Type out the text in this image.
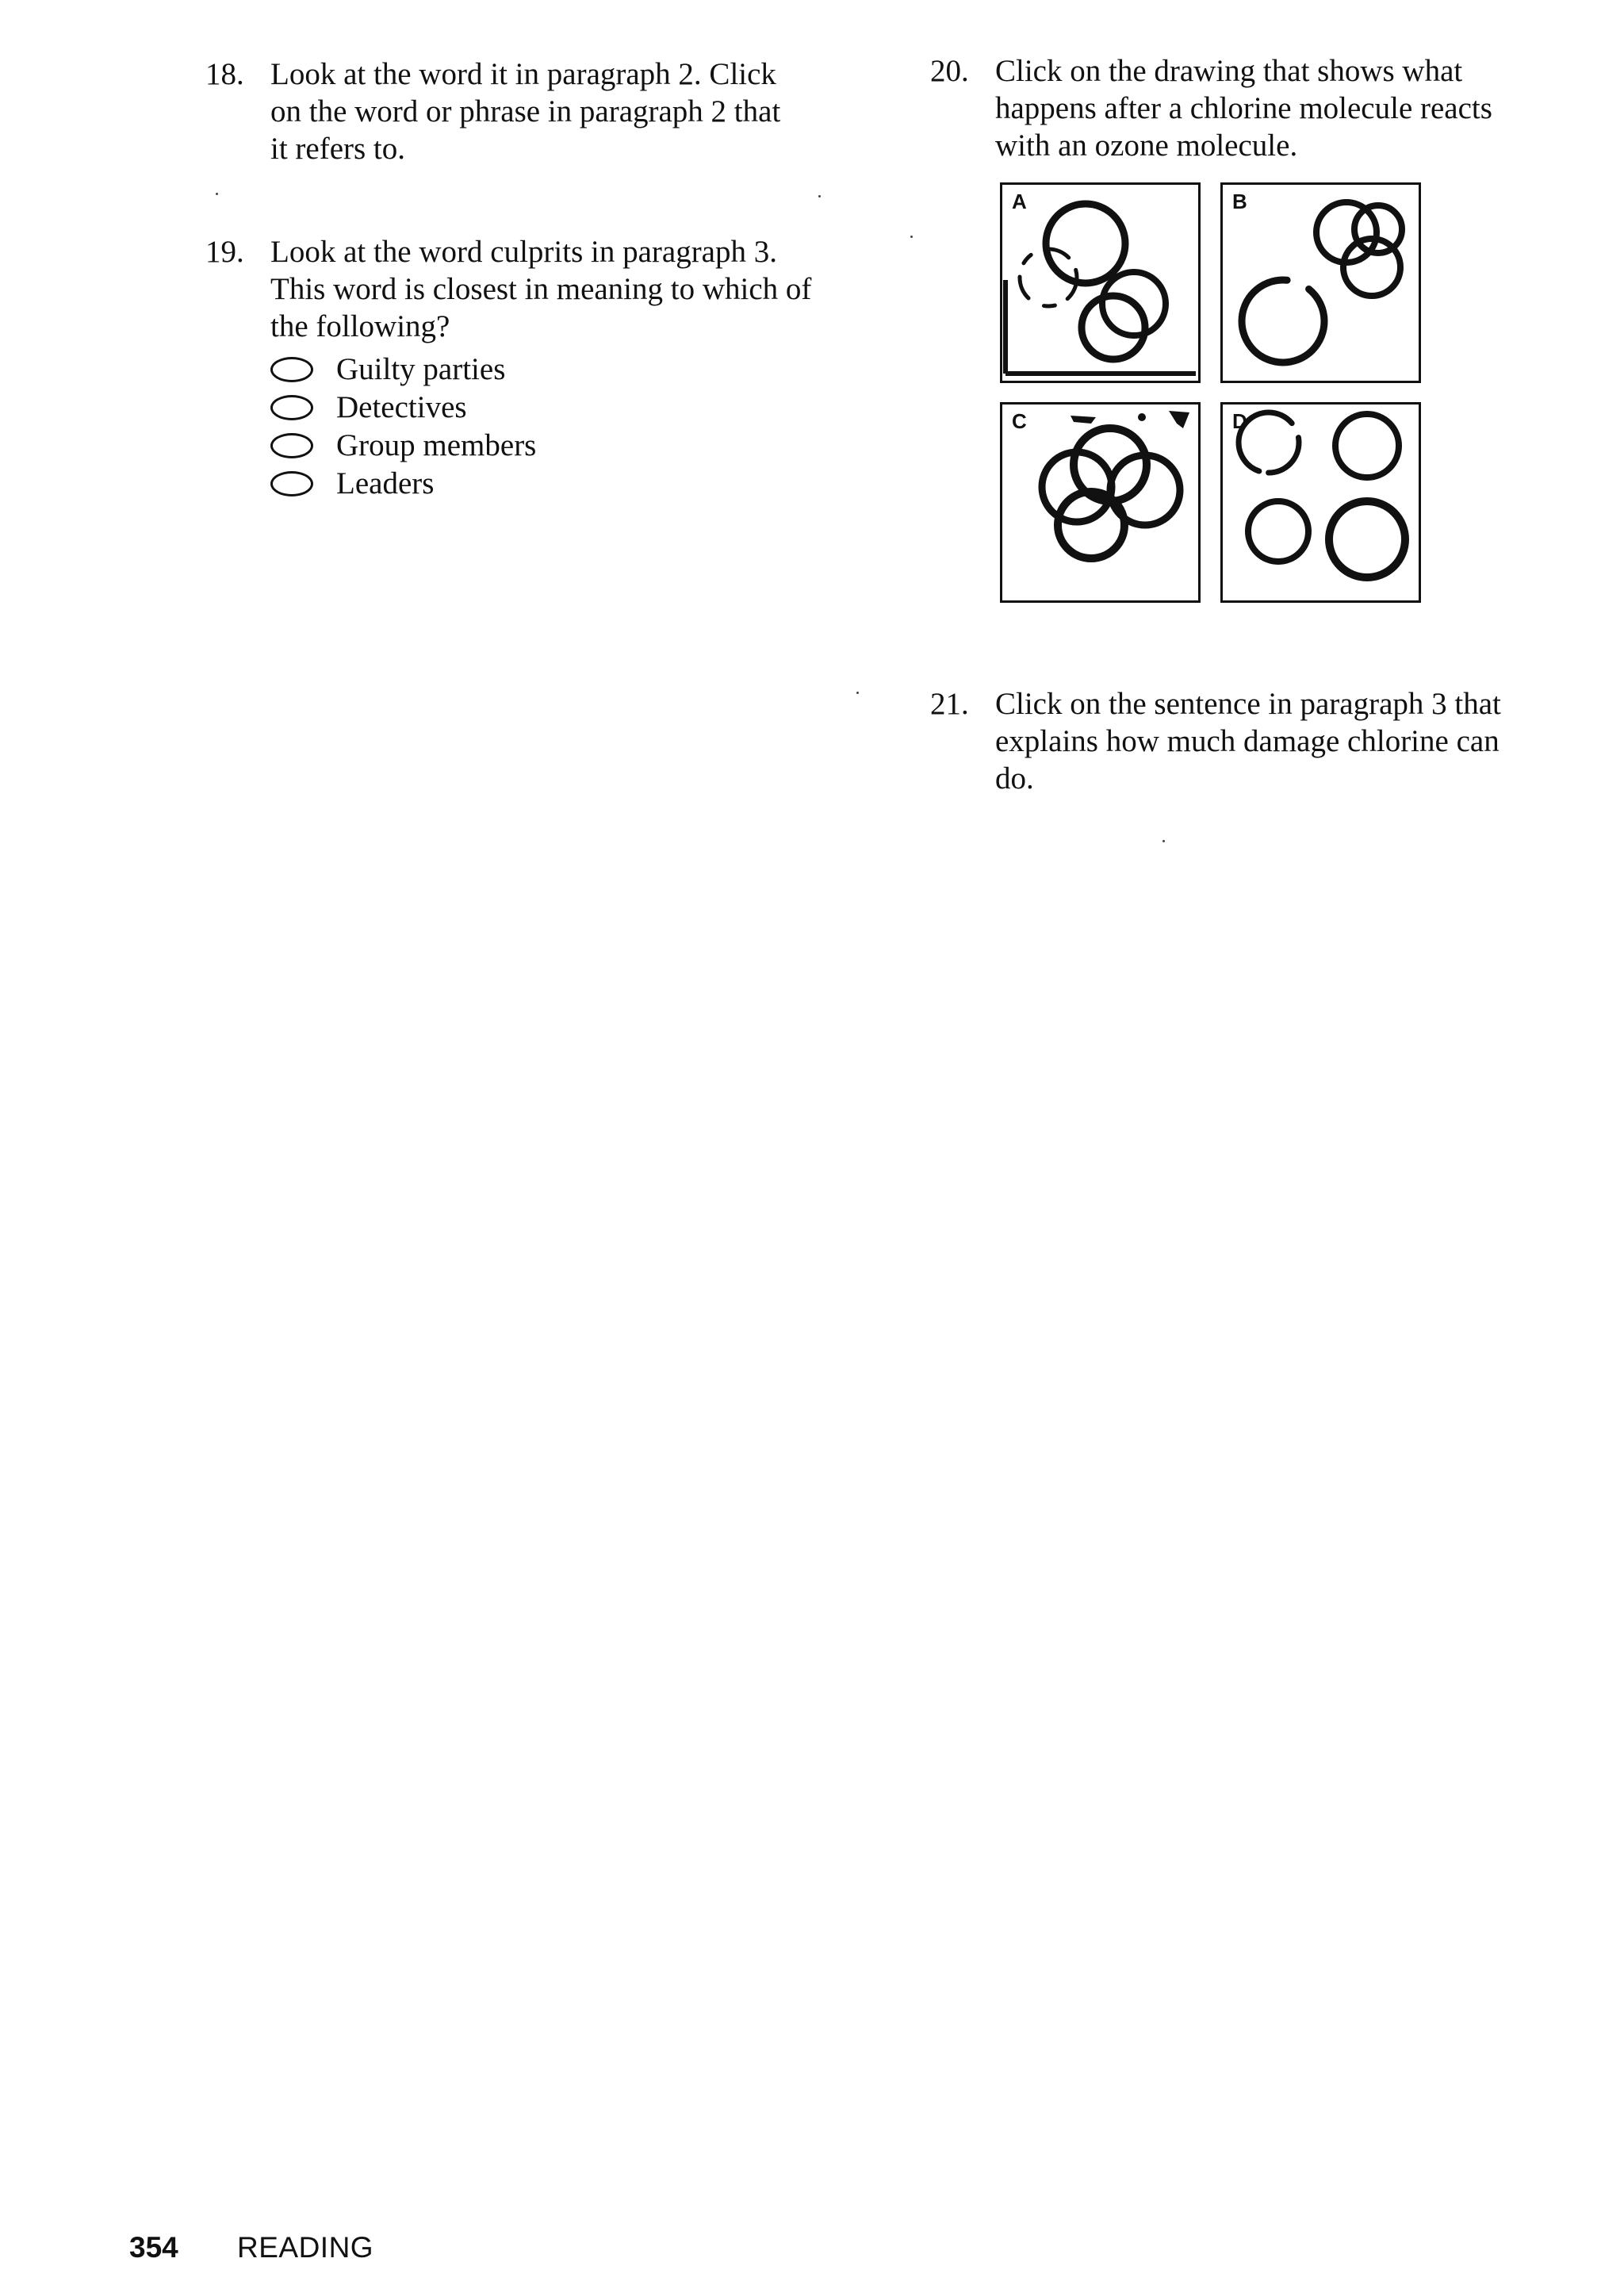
18. Look at the word it in paragraph 2. Click
on the word or phrase in paragraph 2 that
it refers to.
19. Look at the word culprits in paragraph 3.
This word is closest in meaning to which of
the following?
Guilty parties
Detectives
Group members
Leaders
20. Click on the drawing that shows what
happens after a chlorine molecule reacts
with an ozone molecule.
A	B
C	D
21. Click on the sentence in paragraph 3 that
explains how much damage chlorine can
do.
354 READING
